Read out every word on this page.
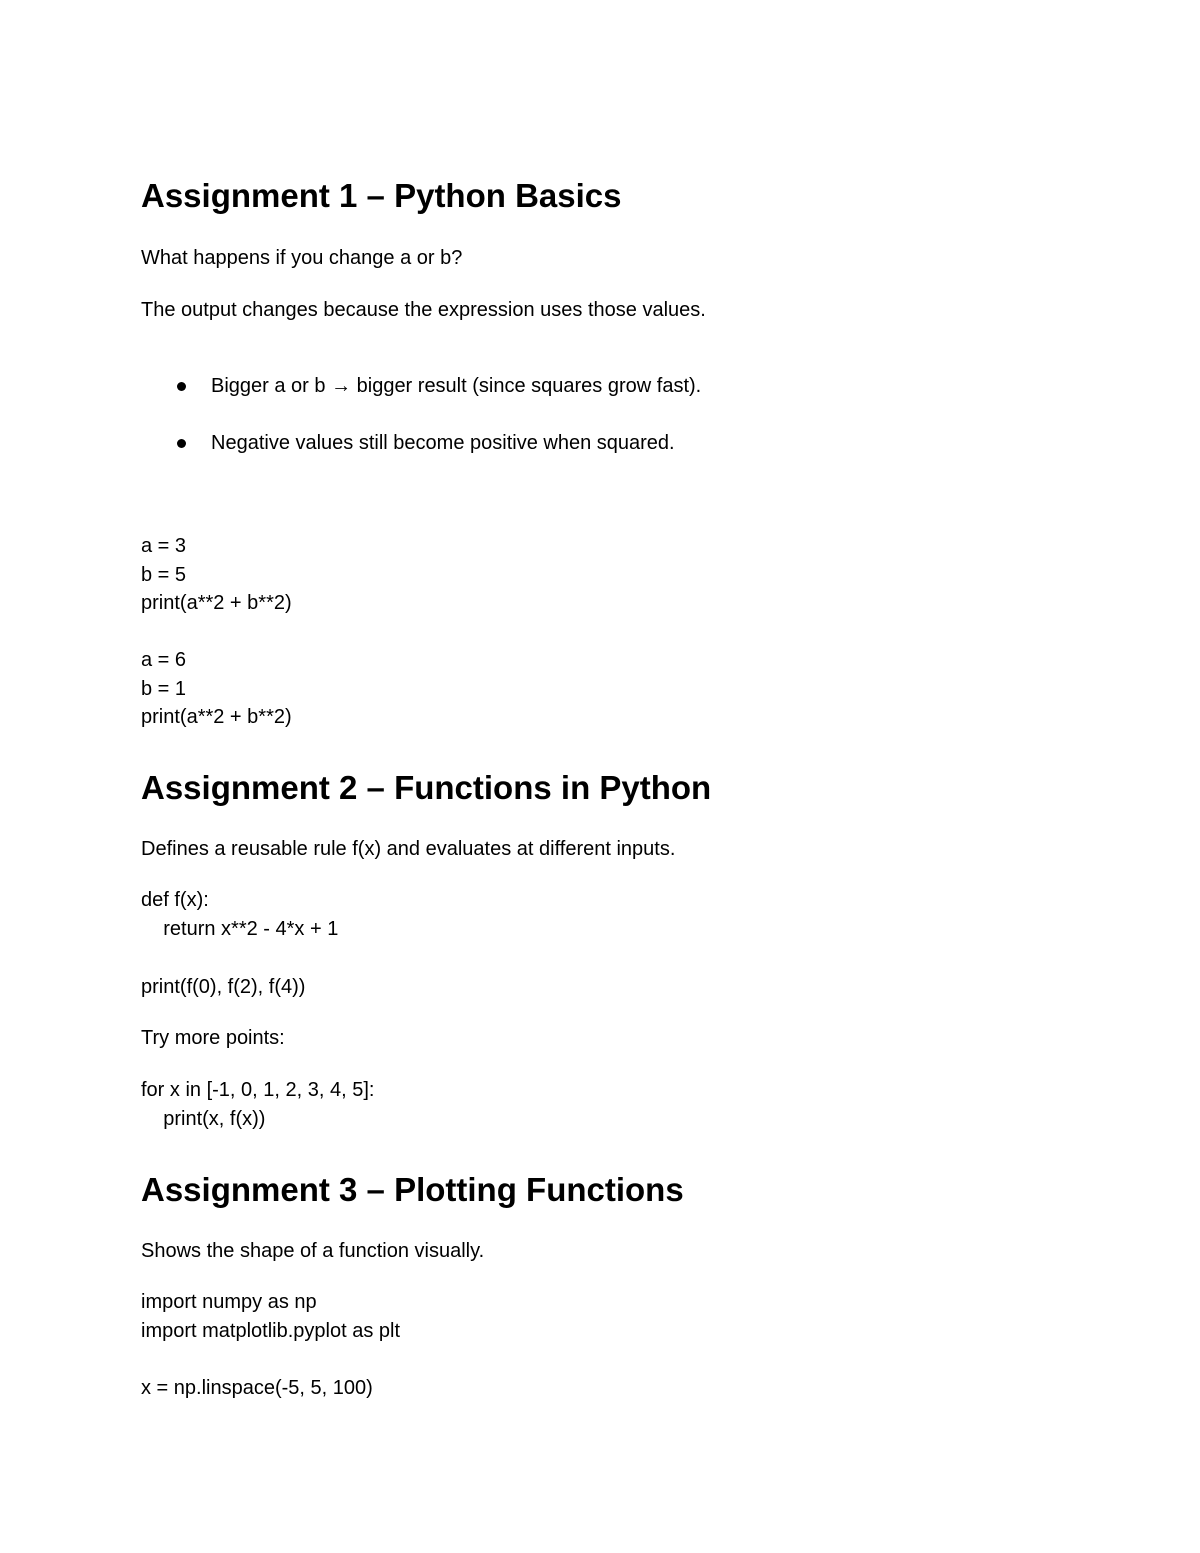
Assignment 1 – Python Basics

What happens if you change a or b?

The output changes because the expression uses those values.

Bigger a or b → bigger result (since squares grow fast).
Negative values still become positive when squared.
a = 3
b = 5
print(a**2 + b**2)
a = 6
b = 1
print(a**2 + b**2)
Assignment 2 – Functions in Python

Defines a reusable rule f(x) and evaluates at different inputs.

def f(x):
return x**2 - 4*x + 1
print(f(0), f(2), f(4))

Try more points:

for x in [-1, 0, 1, 2, 3, 4, 5]:
print(x, f(x))
Assignment 3 – Plotting Functions

Shows the shape of a function visually.

import numpy as np
import matplotlib.pyplot as plt
x = np.linspace(-5, 5, 100)
